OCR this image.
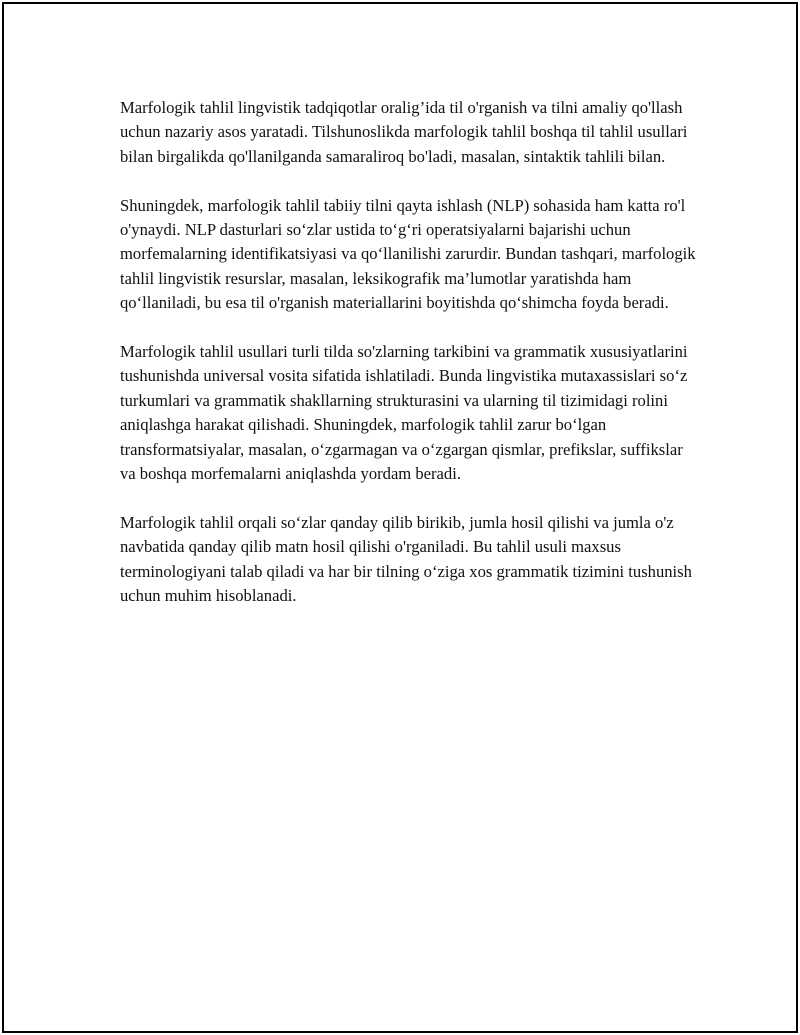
Marfologik tahlil lingvistik tadqiqotlar oralig’ida til o'rganish va tilni amaliy qo'llash uchun nazariy asos yaratadi. Tilshunoslikda marfologik tahlil boshqa til tahlil usullari bilan birgalikda qo'llanilganda samaraliroq bo'ladi, masalan, sintaktik tahlili bilan.

Shuningdek, marfologik tahlil tabiiy tilni qayta ishlash (NLP) sohasida ham katta ro'l o'ynaydi. NLP dasturlari so‘zlar ustida to‘g‘ri operatsiyalarni bajarishi uchun morfemalarning identifikatsiyasi va qo‘llanilishi zarurdir. Bundan tashqari, marfologik tahlil lingvistik resurslar, masalan, leksikografik ma’lumotlar yaratishda ham qo‘llaniladi, bu esa til o'rganish materiallarini boyitishda qo‘shimcha foyda beradi.

Marfologik tahlil usullari turli tilda so'zlarning tarkibini va grammatik xususiyatlarini tushunishda universal vosita sifatida ishlatiladi. Bunda lingvistika mutaxassislari so‘z turkumlari va grammatik shakllarning strukturasini va ularning til tizimidagi rolini aniqlashga harakat qilishadi. Shuningdek, marfologik tahlil zarur bo‘lgan transformatsiyalar, masalan, o‘zgarmagan va o‘zgargan qismlar, prefikslar, suffikslar va boshqa morfemalarni aniqlashda yordam beradi.

Marfologik tahlil orqali so‘zlar qanday qilib birikib, jumla hosil qilishi va jumla o'z navbatida qanday qilib matn hosil qilishi o'rganiladi. Bu tahlil usuli maxsus terminologiyani talab qiladi va har bir tilning o‘ziga xos grammatik tizimini tushunish uchun muhim hisoblanadi.
